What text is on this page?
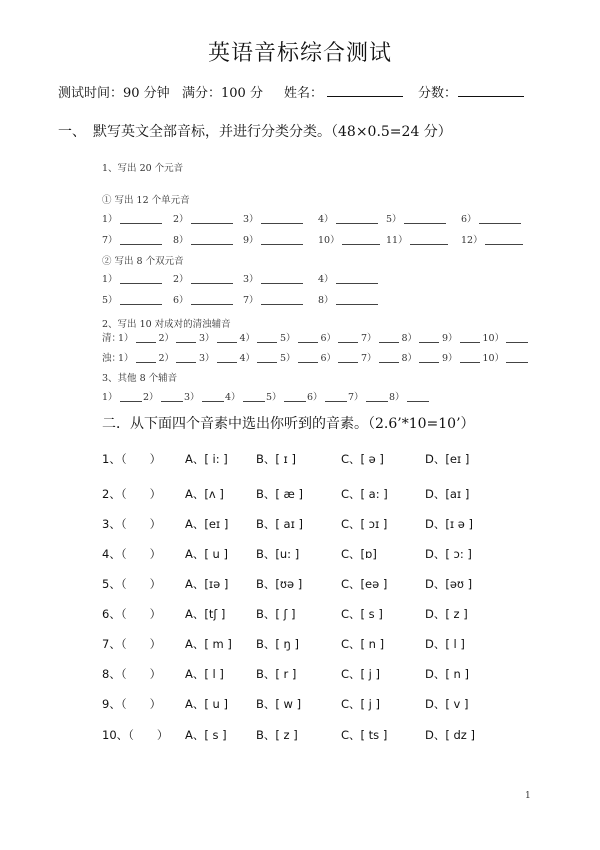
英语音标综合测试
测试时间：90 分钟 满分：100 分 姓名：	分数：
一、 默写英文全部音标，并进行分类分类。（48×0.5=24 分）
1、写出 20 个元音
① 写出 12 个单元音
1）	2）	3）	4）	5）	6）
7）	8）	9）	10）	11）	12）
② 写出 8 个双元音
1）	2）	3）	4）
5）	6）	7）	8）
2、写出 10 对成对的清浊辅音
清：
1）	2）	3）	4）	5）	6）	7）	8）	9）	10）
浊：
1）	2）	3）	4）	5）	6）	7）	8）	9）	10）
3、其他 8 个辅音
1）	2）	3）	4）	5）	6）	7）	8）
二．从下面四个音素中选出你听到的音素。（2.6’*10=10’）
1、（　　） A、[ i: ] B、[ ɪ ]	C、[ ə ]	D、[eɪ ]
2、（　　） A、[ʌ ]	B、[ æ ]	C、[ a: ]	D、[aɪ ]
3、（　　） A、[eɪ ] B、[ aɪ ]	C、[ ɔɪ ]	D、[ɪ ə ]
4、（　　） A、[ u ] B、[u: ]	C、[ɒ]	D、[ ɔ: ]
5、（　　） A、[ɪə ] B、[ʊə ]	C、[eə ]	D、[əʊ ]
6、（　　） A、[tʃ ]	B、[ ʃ ]	C、[ s ]	D、[ z ]
7、（　　） A、[ m ] B、[ ŋ ]	C、[ n ]	D、[ l ]
8、（　　） A、[ l ]	B、[ r ]	C、[ j ]	D、[ n ]
9、（　　） A、[ u ] B、[ w ]	C、[ j ]	D、[ v ]
10、（　　） A、[ s ]	B、[ z ]	C、[ ts ]	D、[ dz ]
1
